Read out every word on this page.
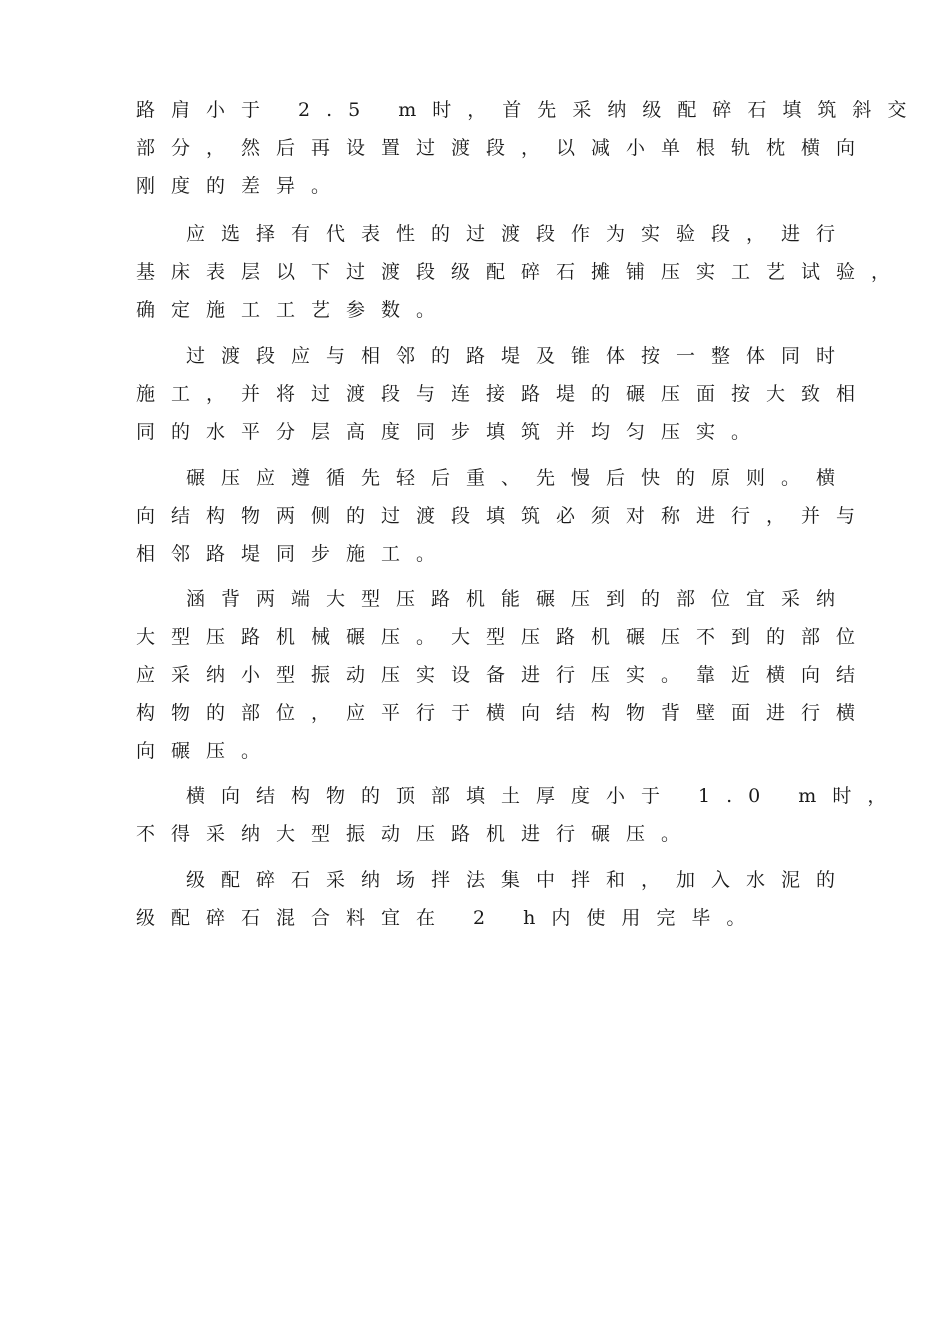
路肩小于 2.5 m时，首先采纳级配碎石填筑斜交
部分，然后再设置过渡段，以减小单根轨枕横向
刚度的差异。
应选择有代表性的过渡段作为实验段，进行
基床表层以下过渡段级配碎石摊铺压实工艺试验，
确定施工工艺参数。
过渡段应与相邻的路堤及锥体按一整体同时
施工，并将过渡段与连接路堤的碾压面按大致相
同的水平分层高度同步填筑并均匀压实。
碾压应遵循先轻后重、先慢后快的原则。横
向结构物两侧的过渡段填筑必须对称进行，并与
相邻路堤同步施工。
涵背两端大型压路机能碾压到的部位宜采纳
大型压路机械碾压。大型压路机碾压不到的部位
应采纳小型振动压实设备进行压实。靠近横向结
构物的部位，应平行于横向结构物背壁面进行横
向碾压。
横向结构物的顶部填土厚度小于 1.0 m时，
不得采纳大型振动压路机进行碾压。
级配碎石采纳场拌法集中拌和，加入水泥的
级配碎石混合料宜在 2 h内使用完毕。
